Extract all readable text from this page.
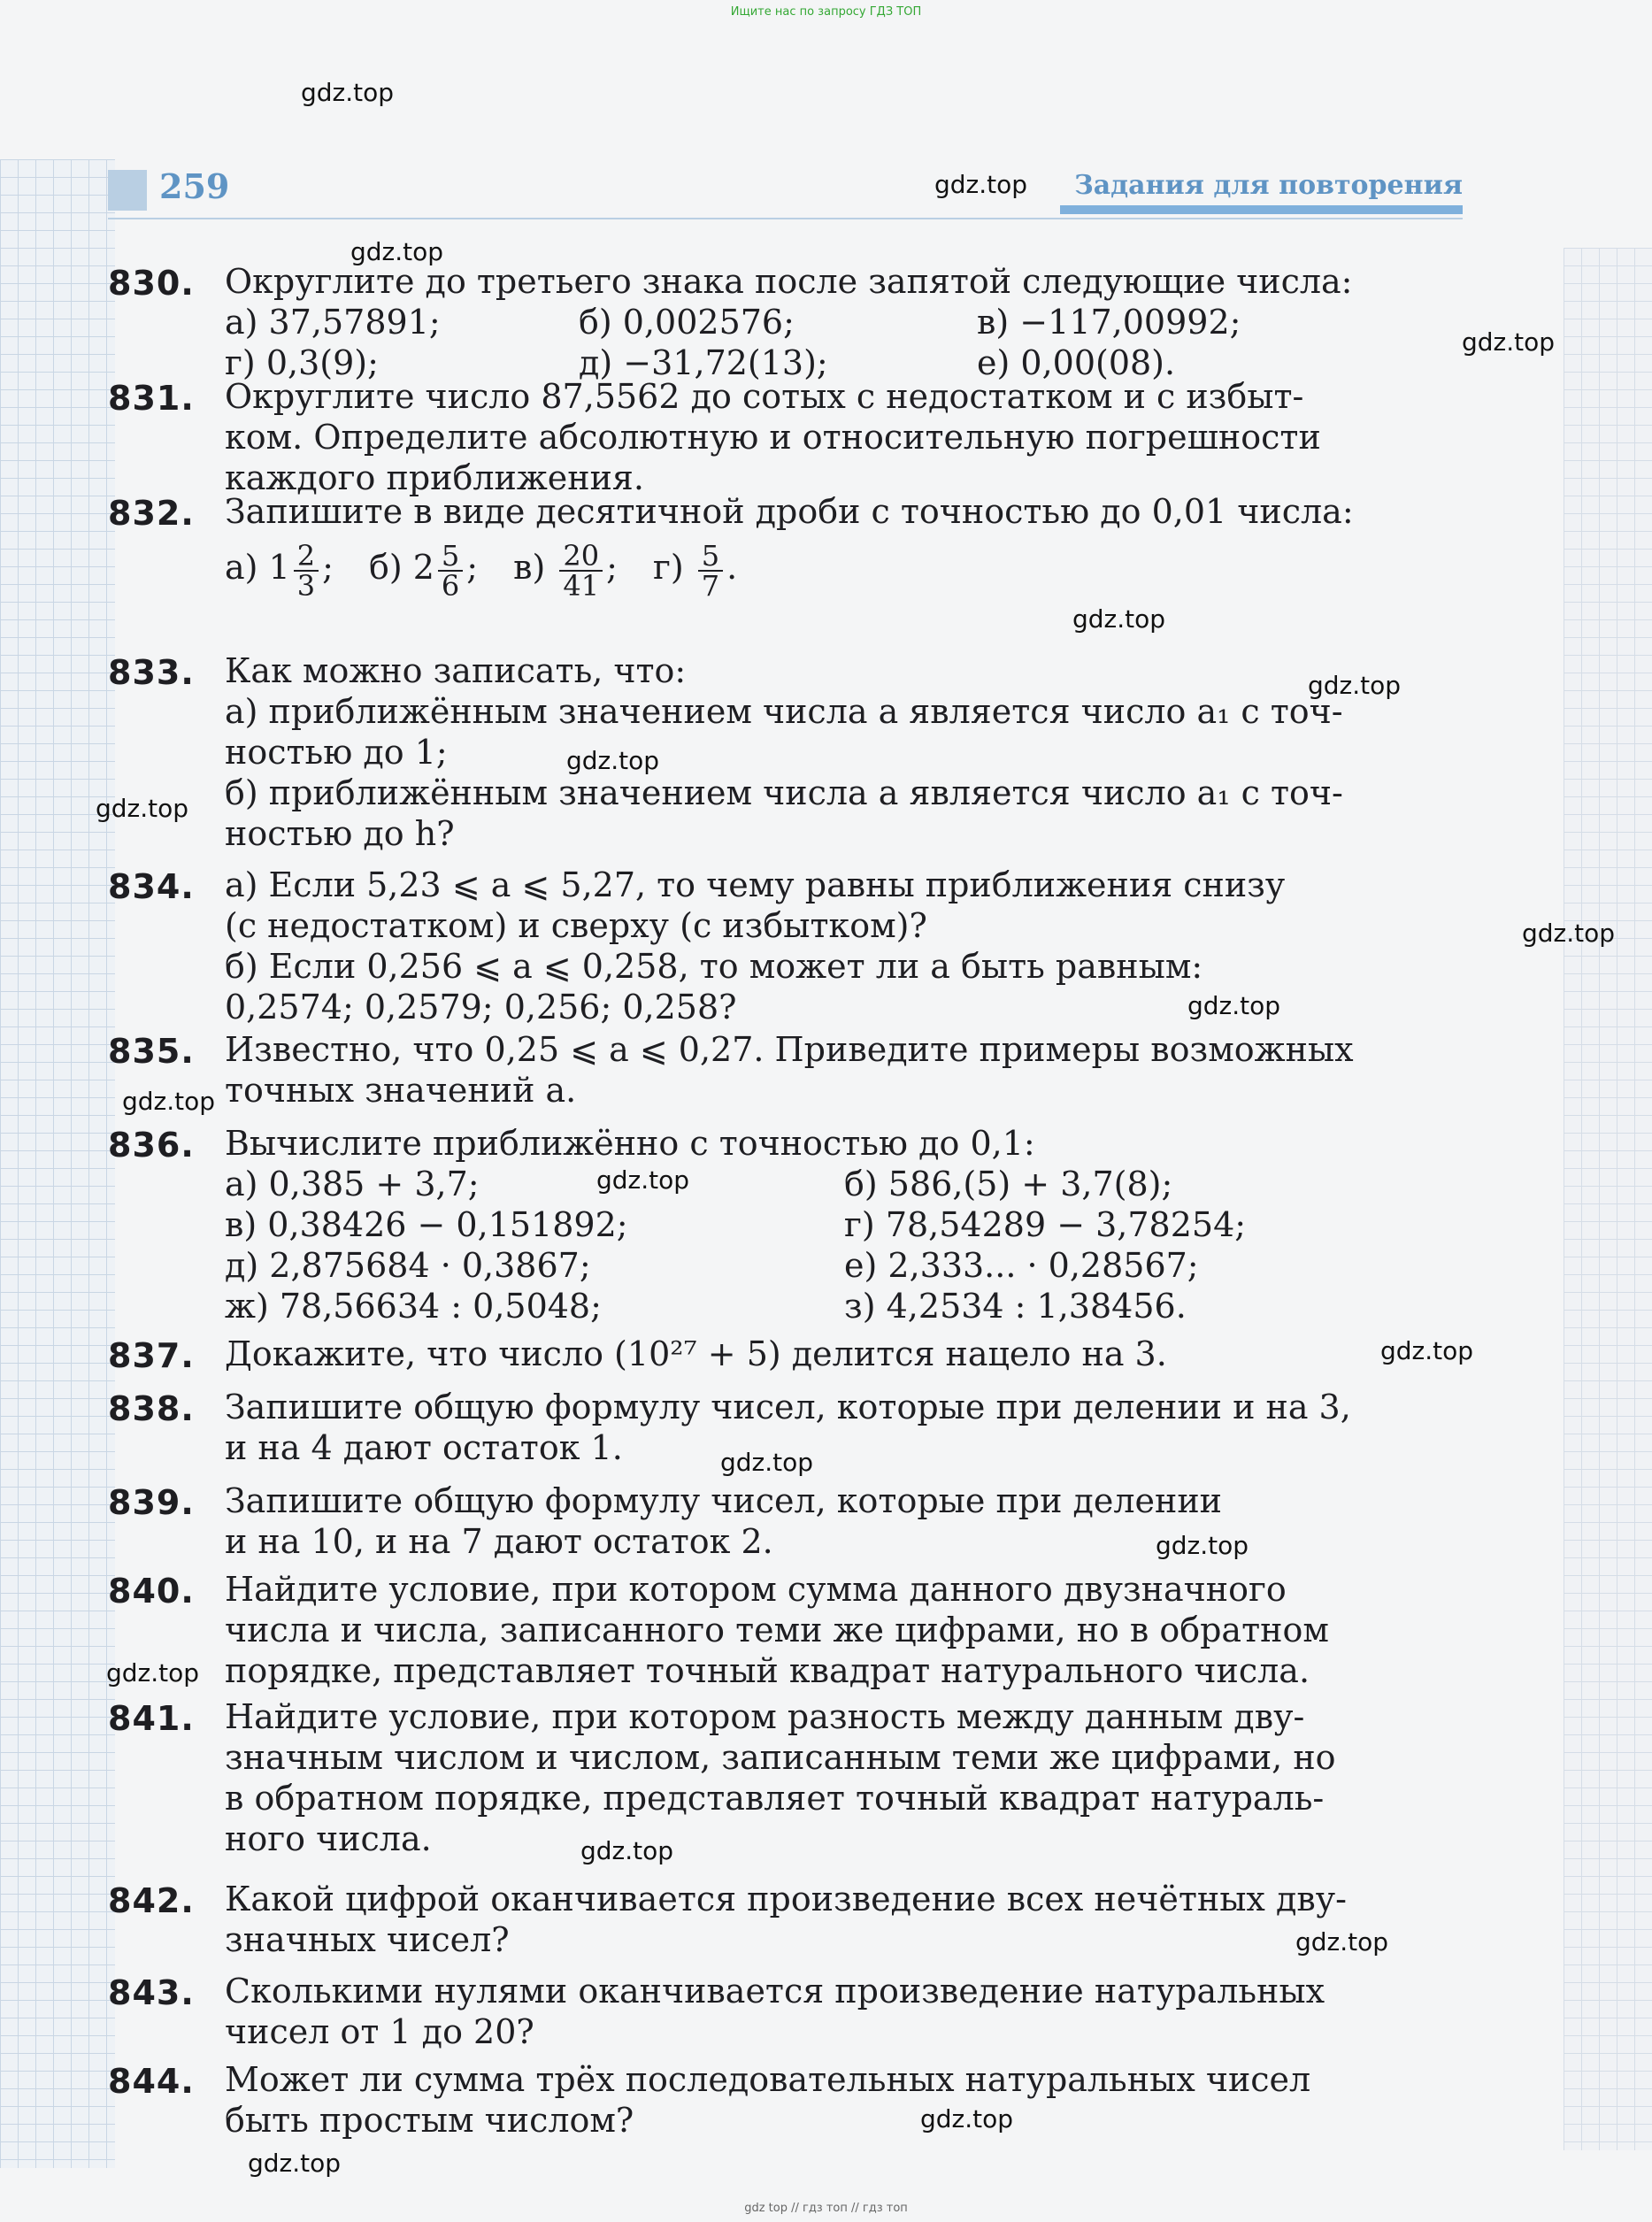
Ищите нас по запросу ГДЗ ТОП
259	Задания для повторения
830. Округлите до третьего знака после запятой следующие числа:
а) 37,57891;	б) 0,002576;	в) −117,00992;
г) 0,3(9);	д) −31,72(13);	е) 0,00(08).
831. Округлите число 87,5562 до сотых с недостатком и с избыт-
ком. Определите абсолютную и относительную погрешности
каждого приближения.
832. Запишите в виде десятичной дроби с точностью до 0,01 числа:
а) $1 \frac{2}{3}$ ; б) $2 \frac{5}{6}$ ; $в) \frac{20}{41}$ ; $г) \frac{5}{7}$ .
833. Как можно записать, что:
а) приближённым значением числа a является число a₁ с точ-
ностью до 1;
б) приближённым значением числа a является число a₁ с точ-
ностью до h?
834. а) Если 5,23 ⩽ a ⩽ 5,27, то чему равны приближения снизу
(с недостатком) и сверху (с избытком)?
б) Если 0,256 ⩽ a ⩽ 0,258, то может ли a быть равным:
0,2574; 0,2579; 0,256; 0,258?
835. Известно, что 0,25 ⩽ a ⩽ 0,27. Приведите примеры возможных
точных значений a.
836. Вычислите приближённо с точностью до 0,1:
а) 0,385 + 3,7;	б) 586,(5) + 3,7(8);
в) 0,38426 − 0,151892;	г) 78,54289 − 3,78254;
д) 2,875684 · 0,3867;	е) 2,333... · 0,28567;
ж) 78,56634 : 0,5048;	з) 4,2534 : 1,38456.
837. Докажите, что число (10²⁷ + 5) делится нацело на 3.
838. Запишите общую формулу чисел, которые при делении и на 3,
и на 4 дают остаток 1.
839. Запишите общую формулу чисел, которые при делении
и на 10, и на 7 дают остаток 2.
840. Найдите условие, при котором сумма данного двузначного
числа и числа, записанного теми же цифрами, но в обратном
порядке, представляет точный квадрат натурального числа.
841. Найдите условие, при котором разность между данным дву-
значным числом и числом, записанным теми же цифрами, но
в обратном порядке, представляет точный квадрат натураль-
ного числа.
842. Какой цифрой оканчивается произведение всех нечётных дву-
значных чисел?
843. Сколькими нулями оканчивается произведение натуральных
чисел от 1 до 20?
844. Может ли сумма трёх последовательных натуральных чисел
быть простым числом?
gdz.top
gdz.top
gdz.top
gdz.top
gdz.top
gdz.top
gdz.top
gdz.top
gdz.top
gdz.top
gdz.top
gdz.top
gdz.top
gdz.top
gdz.top
gdz.top
gdz.top
gdz.top
gdz.top
gdz.top
gdz top // гдз топ // гдз топ
